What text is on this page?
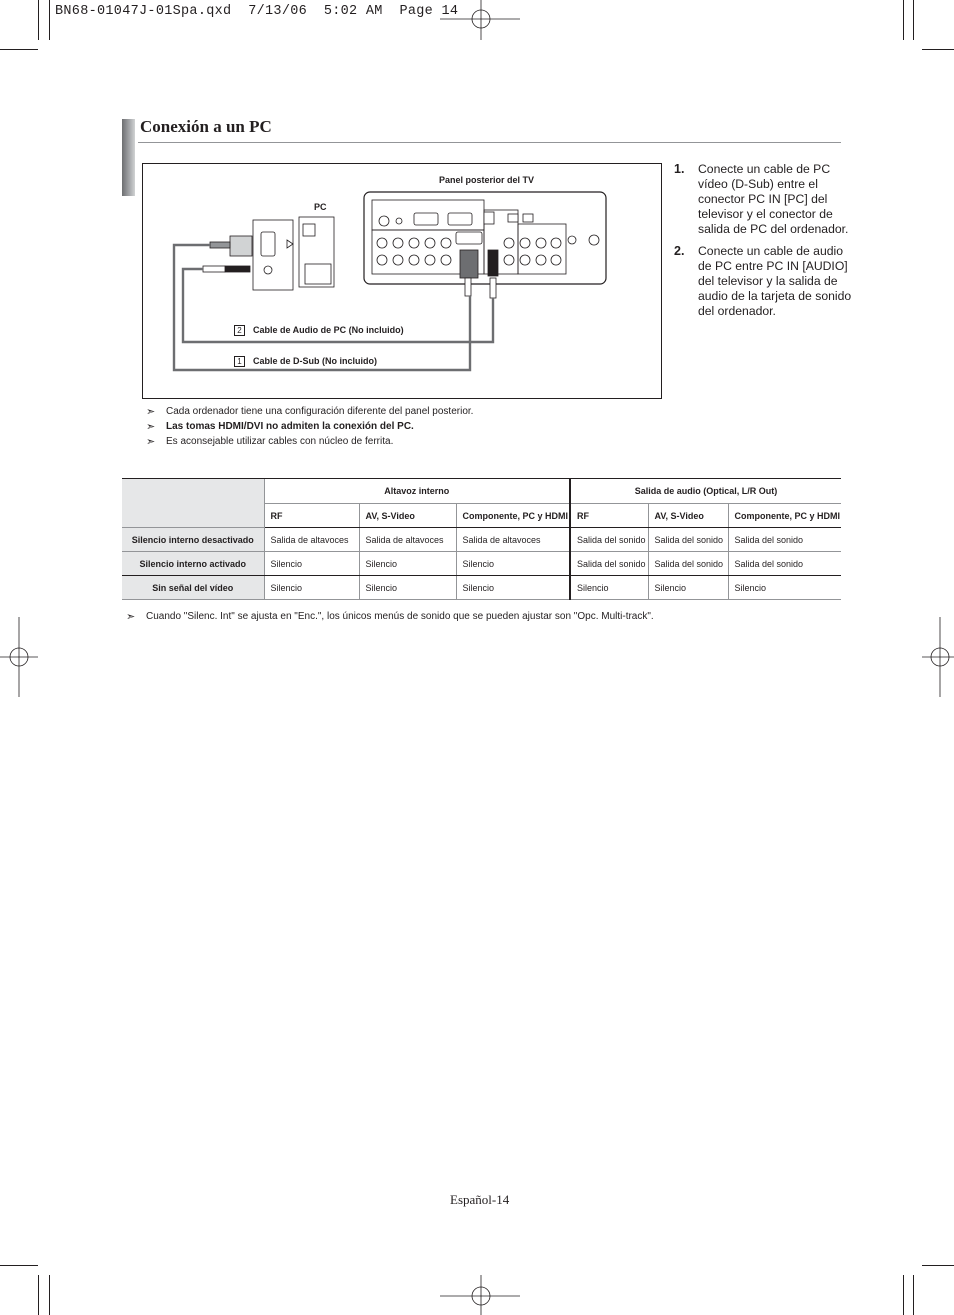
BN68-01047J-01Spa.qxd  7/13/06  5:02 AM  Page 14
Conexión a un PC
Panel posterior del TV
PC
2 Cable de Audio de PC (No incluido)
1 Cable de D-Sub (No incluido)
1.	Conecte un cable de PC vídeo (D-Sub) entre el conector PC IN [PC] del televisor y el conector de salida de PC del ordenador.
2.	Conecte un cable de audio de PC entre PC IN [AUDIO] del televisor y la salida de audio de la tarjeta de sonido del ordenador.
➣	Cada ordenador tiene una configuración diferente del panel posterior.
➣	Las tomas HDMI/DVI no admiten la conexión del PC.
➣	Es aconsejable utilizar cables con núcleo de ferrita.
	Altavoz interno			Salida de audio (Optical, L/R Out)		
	RF	AV, S-Video	Componente, PC y HDMI	RF	AV, S-Video	Componente, PC y HDMI
Silencio interno desactivado	Salida de altavoces	Salida de altavoces	Salida de altavoces	Salida del sonido	Salida del sonido	Salida del sonido
Silencio interno activado	Silencio	Silencio	Silencio	Salida del sonido	Salida del sonido	Salida del sonido
Sin señal del vídeo	Silencio	Silencio	Silencio	Silencio	Silencio	Silencio
➣	Cuando "Silenc. Int" se ajusta en "Enc.", los únicos menús de sonido que se pueden ajustar son "Opc. Multi-track".
Español-14
